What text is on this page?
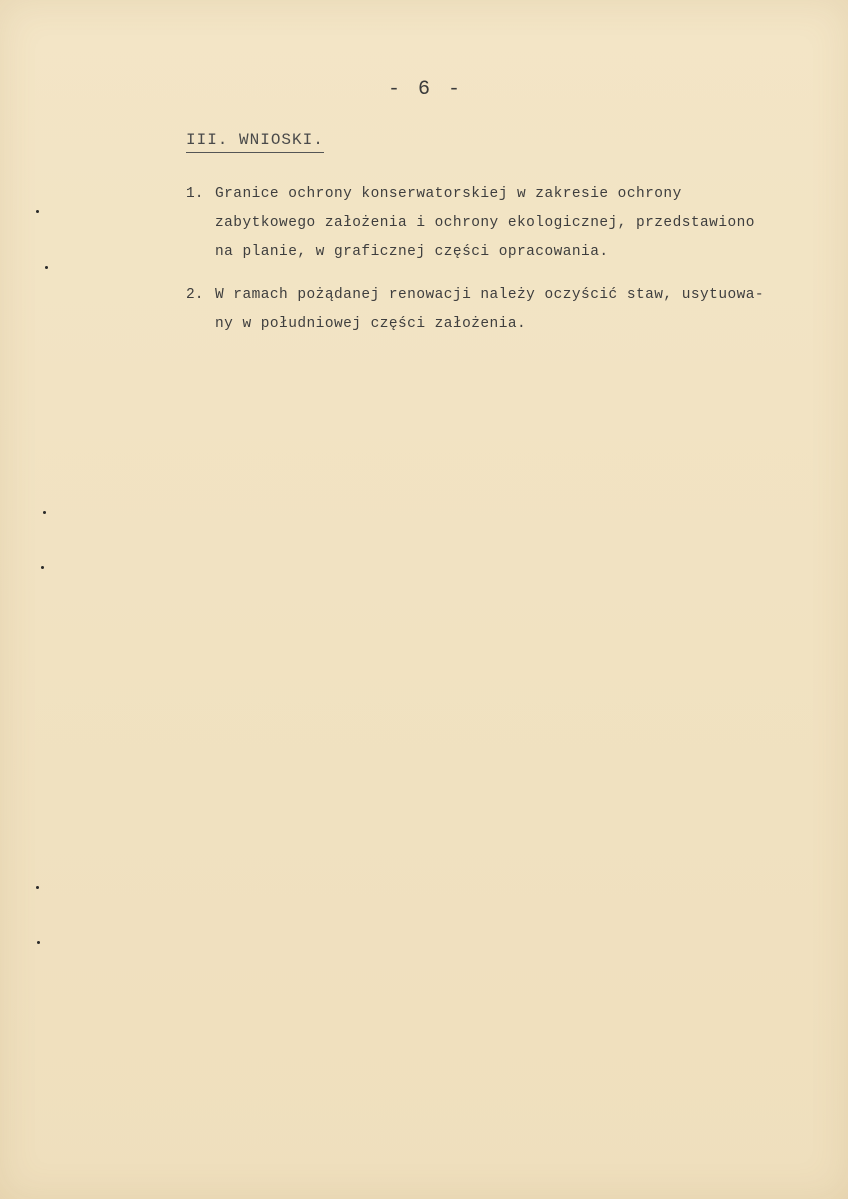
- 6 -
III. WNIOSKI.
1. Granice ochrony konserwatorskiej w zakresie ochrony
zabytkowego założenia i ochrony ekologicznej, przedstawiono
na planie, w graficznej części opracowania.
2. W ramach pożądanej renowacji należy oczyścić staw, usytuowa-
ny w południowej części założenia.
